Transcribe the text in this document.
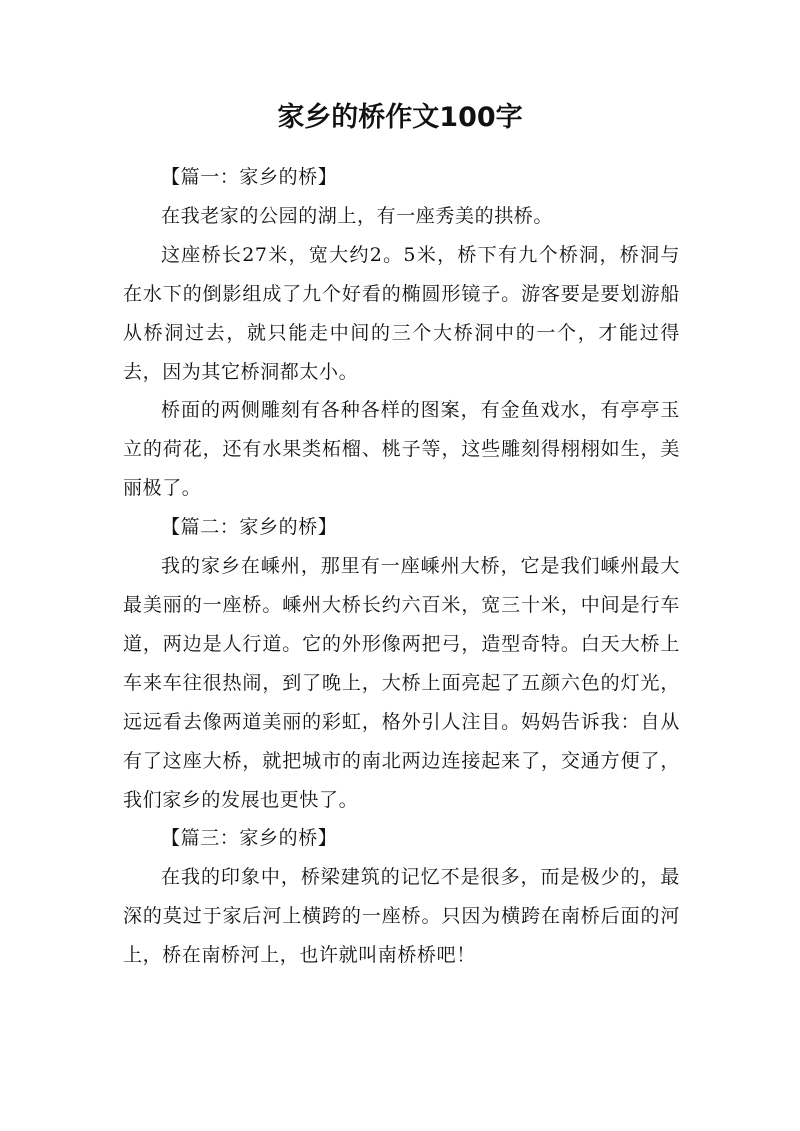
家乡的桥作文100字

【篇一：家乡的桥】

在我老家的公园的湖上，有一座秀美的拱桥。

这座桥长27米，宽大约2。5米，桥下有九个桥洞，桥洞与在水下的倒影组成了九个好看的椭圆形镜子。游客要是要划游船从桥洞过去，就只能走中间的三个大桥洞中的一个，才能过得去，因为其它桥洞都太小。

桥面的两侧雕刻有各种各样的图案，有金鱼戏水，有亭亭玉立的荷花，还有水果类柘榴、桃子等，这些雕刻得栩栩如生，美丽极了。

【篇二：家乡的桥】

我的家乡在嵊州，那里有一座嵊州大桥，它是我们嵊州最大最美丽的一座桥。嵊州大桥长约六百米，宽三十米，中间是行车道，两边是人行道。它的外形像两把弓，造型奇特。白天大桥上车来车往很热闹，到了晚上，大桥上面亮起了五颜六色的灯光，远远看去像两道美丽的彩虹，格外引人注目。妈妈告诉我：自从有了这座大桥，就把城市的南北两边连接起来了，交通方便了，我们家乡的发展也更快了。

【篇三：家乡的桥】

在我的印象中，桥梁建筑的记忆不是很多，而是极少的，最深的莫过于家后河上横跨的一座桥。只因为横跨在南桥后面的河上，桥在南桥河上，也许就叫南桥桥吧！
